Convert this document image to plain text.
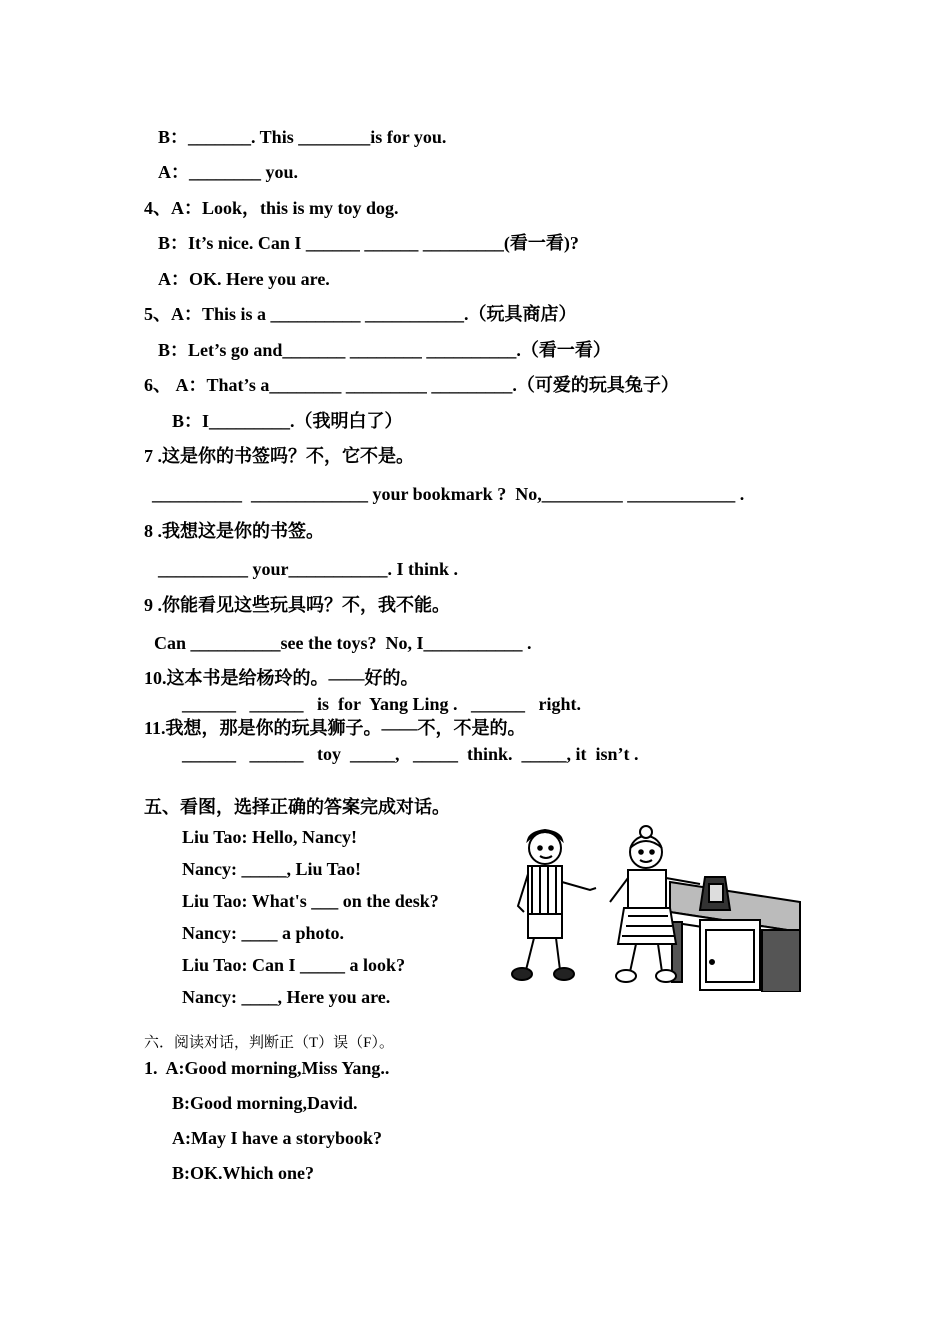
B：_______. This ________is for you.
A：________ you.
4、A：Look，this is my toy dog.
B：It’s nice. Can I ______ ______ _________(看一看)?
A：OK. Here you are.
5、A：This is a __________ ___________.（玩具商店）
B：Let’s go and_______ ________ __________.（看一看）
6、 A：That’s a________ _________ _________.（可爱的玩具兔子）
B：I_________.（我明白了）
7 .这是你的书签吗？不，它不是。
__________  _____________ your bookmark ?  No,_________ ____________ .
8 .我想这是你的书签。
__________ your___________. I think .
9 .你能看见这些玩具吗？不，我不能。
Can __________see the toys?  No, I___________ .
10.这本书是给杨玲的。——好的。
______   ______   is  for  Yang Ling .   ______   right.
11.我想，那是你的玩具狮子。——不，不是的。
______   ______   toy  _____,   _____  think.  _____, it  isn’t .
五、看图，选择正确的答案完成对话。
Liu Tao: Hello, Nancy!
Nancy: _____, Liu Tao!
Liu Tao: What's ___ on the desk?
Nancy: ____ a photo.
Liu Tao: Can I _____ a look?
Nancy: ____, Here you are.
六．阅读对话，判断正（T）误（F）。
1.  A:Good morning,Miss Yang..
B:Good morning,David.
A:May I have a storybook?
B:OK.Which one?
